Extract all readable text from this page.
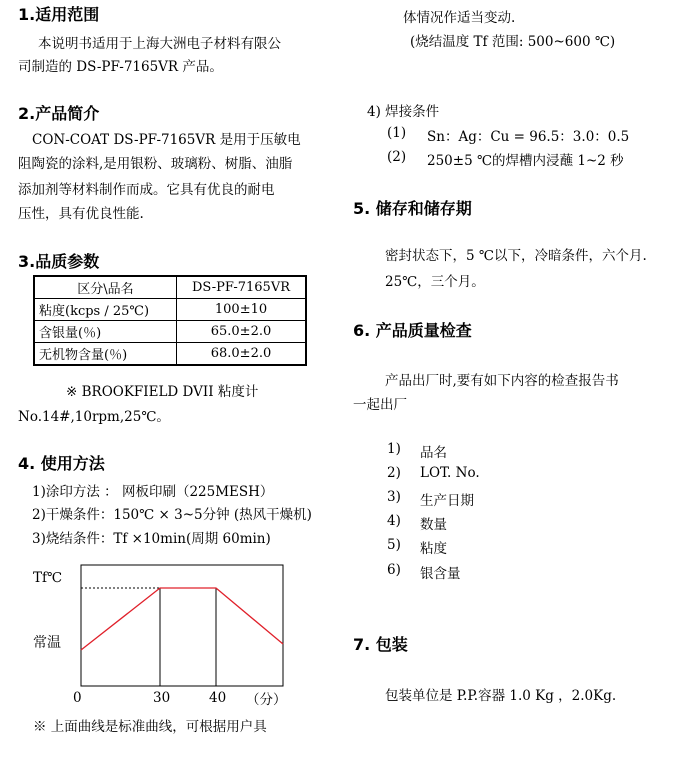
1.适用范围
本说明书适用于上海大洲电子材料有限公
司制造的 DS-PF-7165VR 产品。
2.产品简介
CON-COAT DS-PF-7165VR 是用于压敏电
阻陶瓷的涂料,是用银粉、玻璃粉、树脂、油脂
添加剂等材料制作而成。它具有优良的耐电
压性，具有优良性能.
3.品质参数
区分\品名	DS-PF-7165VR
粘度(kcps / 25℃)	100±10
含银量(％)	65.0±2.0
无机物含量(％)	68.0±2.0
※ BROOKFIELD DVII 粘度计
No.14#,10rpm,25℃。
4. 使用方法
1)涂印方法 ： 网板印刷（225MESH）
2)干燥条件：150℃ × 3~5分钟 (热风干燥机)
3)烧结条件：Tf ×10min(周期 60min)
Tf℃
常温
0	30	40 （分）
※ 上面曲线是标准曲线，可根据用户具
体情况作适当变动.
(烧结温度 Tf 范围: 500~600 ℃)
4) 焊接条件
(1) Sn：Ag：Cu = 96.5：3.0：0.5
(2) 250±5 ℃的焊槽内浸蘸 1~2 秒
5. 储存和储存期
密封状态下，5 ℃以下，冷暗条件，六个月.
25℃，三个月。
6. 产品质量检查
产品出厂时,要有如下内容的检查报告书
一起出厂
1) 品名
2) LOT. No.
3) 生产日期
4) 数量
5) 粘度
6) 银含量
7. 包装
包装单位是 P.P.容器 1.0 Kg ，2.0Kg.
